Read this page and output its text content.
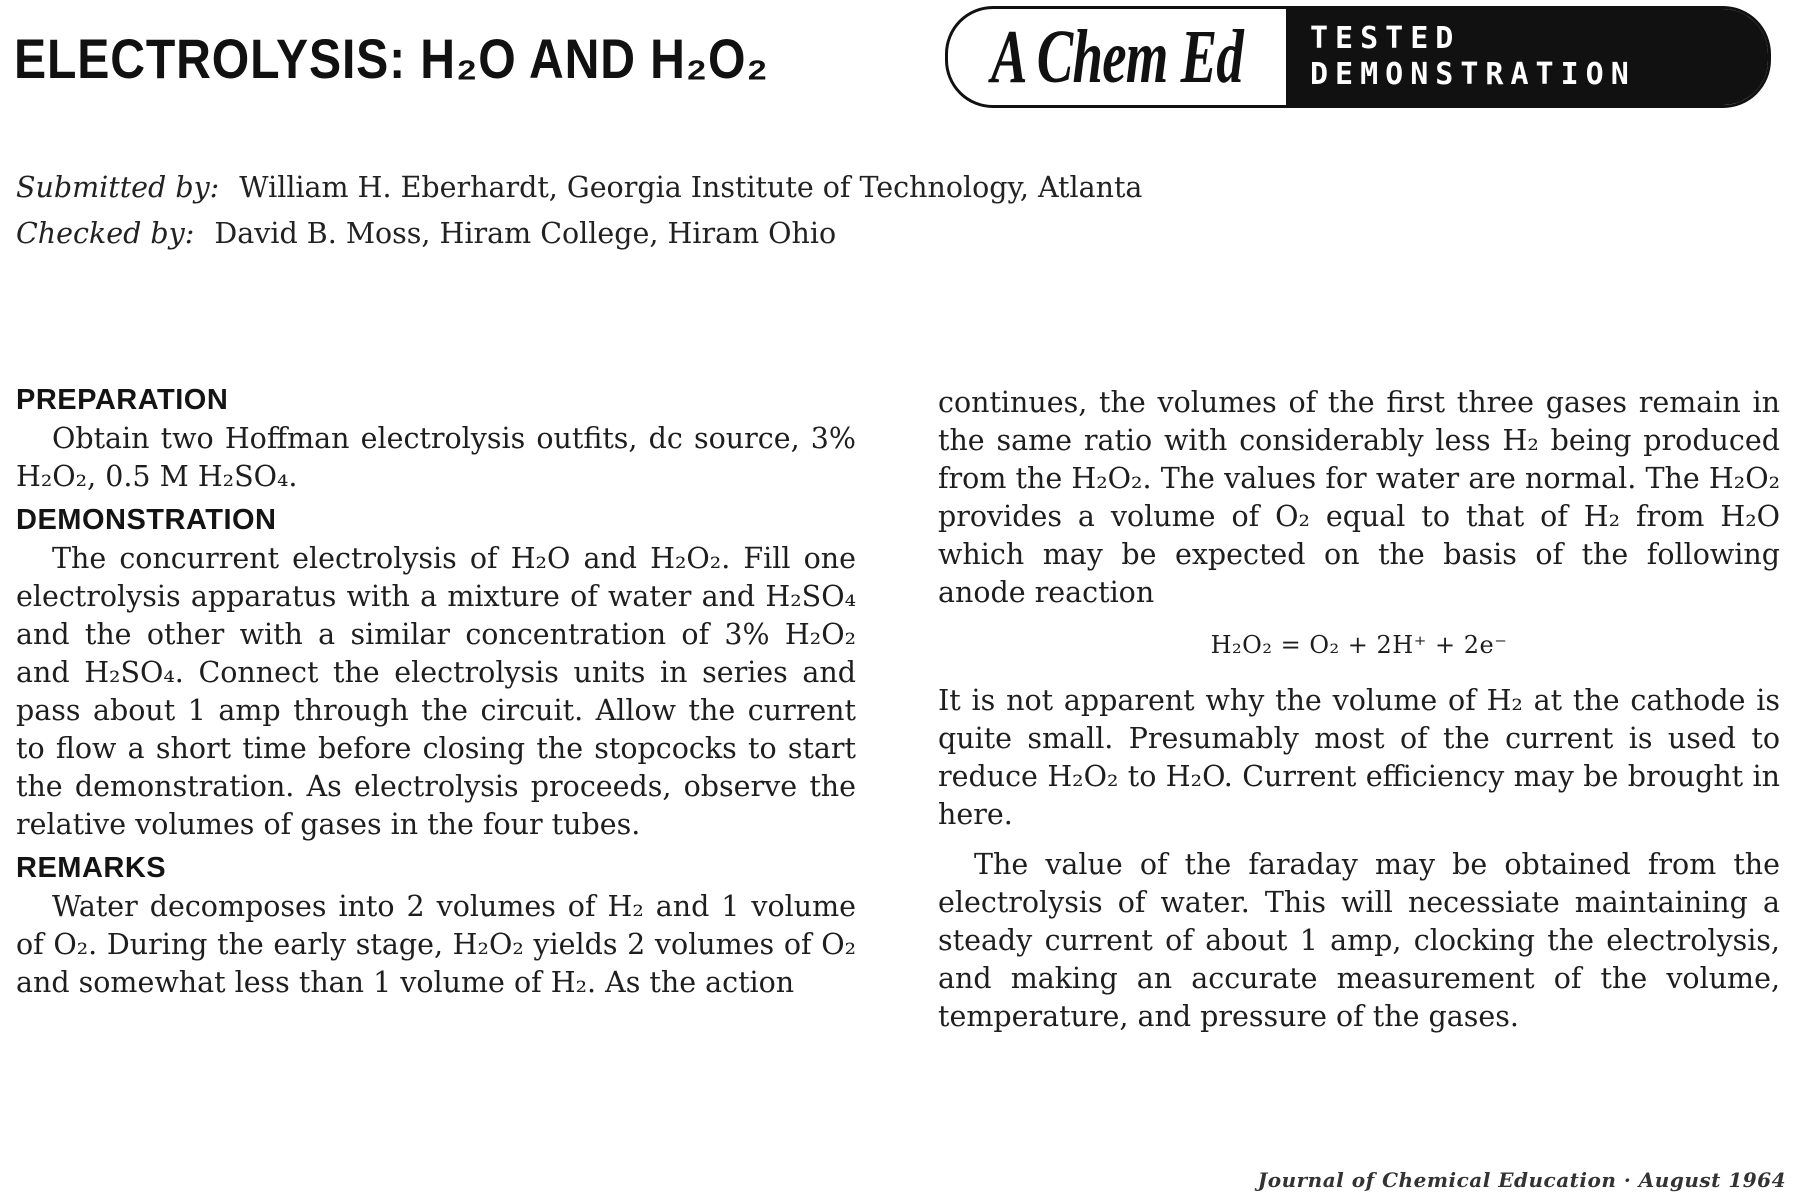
ELECTROLYSIS: H₂O AND H₂O₂	A Chem Ed TESTED
DEMONSTRATION
Submitted by: William H. Eberhardt, Georgia Institute of Technology, Atlanta
Checked by: David B. Moss, Hiram College, Hiram Ohio
PREPARATION

Obtain two Hoffman electrolysis outfits, dc source, 3% H₂O₂, 0.5 M H₂SO₄.

DEMONSTRATION

The concurrent electrolysis of H₂O and H₂O₂. Fill one electrolysis apparatus with a mixture of water and H₂SO₄ and the other with a similar concentration of 3% H₂O₂ and H₂SO₄. Connect the electrolysis units in series and pass about 1 amp through the circuit. Allow the current to flow a short time before closing the stopcocks to start the demonstration. As electrolysis proceeds, observe the relative volumes of gases in the four tubes.

REMARKS

Water decomposes into 2 volumes of H₂ and 1 volume of O₂. During the early stage, H₂O₂ yields 2 volumes of O₂ and somewhat less than 1 volume of H₂. As the action

continues, the volumes of the first three gases remain in the same ratio with considerably less H₂ being produced from the H₂O₂. The values for water are normal. The H₂O₂ provides a volume of O₂ equal to that of H₂ from H₂O which may be expected on the basis of the following anode reaction

H₂O₂ = O₂ + 2H⁺ + 2e⁻

It is not apparent why the volume of H₂ at the cathode is quite small. Presumably most of the current is used to reduce H₂O₂ to H₂O. Current efficiency may be brought in here.

The value of the faraday may be obtained from the electrolysis of water. This will necessiate maintaining a steady current of about 1 amp, clocking the electrolysis, and making an accurate measurement of the volume, temperature, and pressure of the gases.

Journal of Chemical Education · August 1964
